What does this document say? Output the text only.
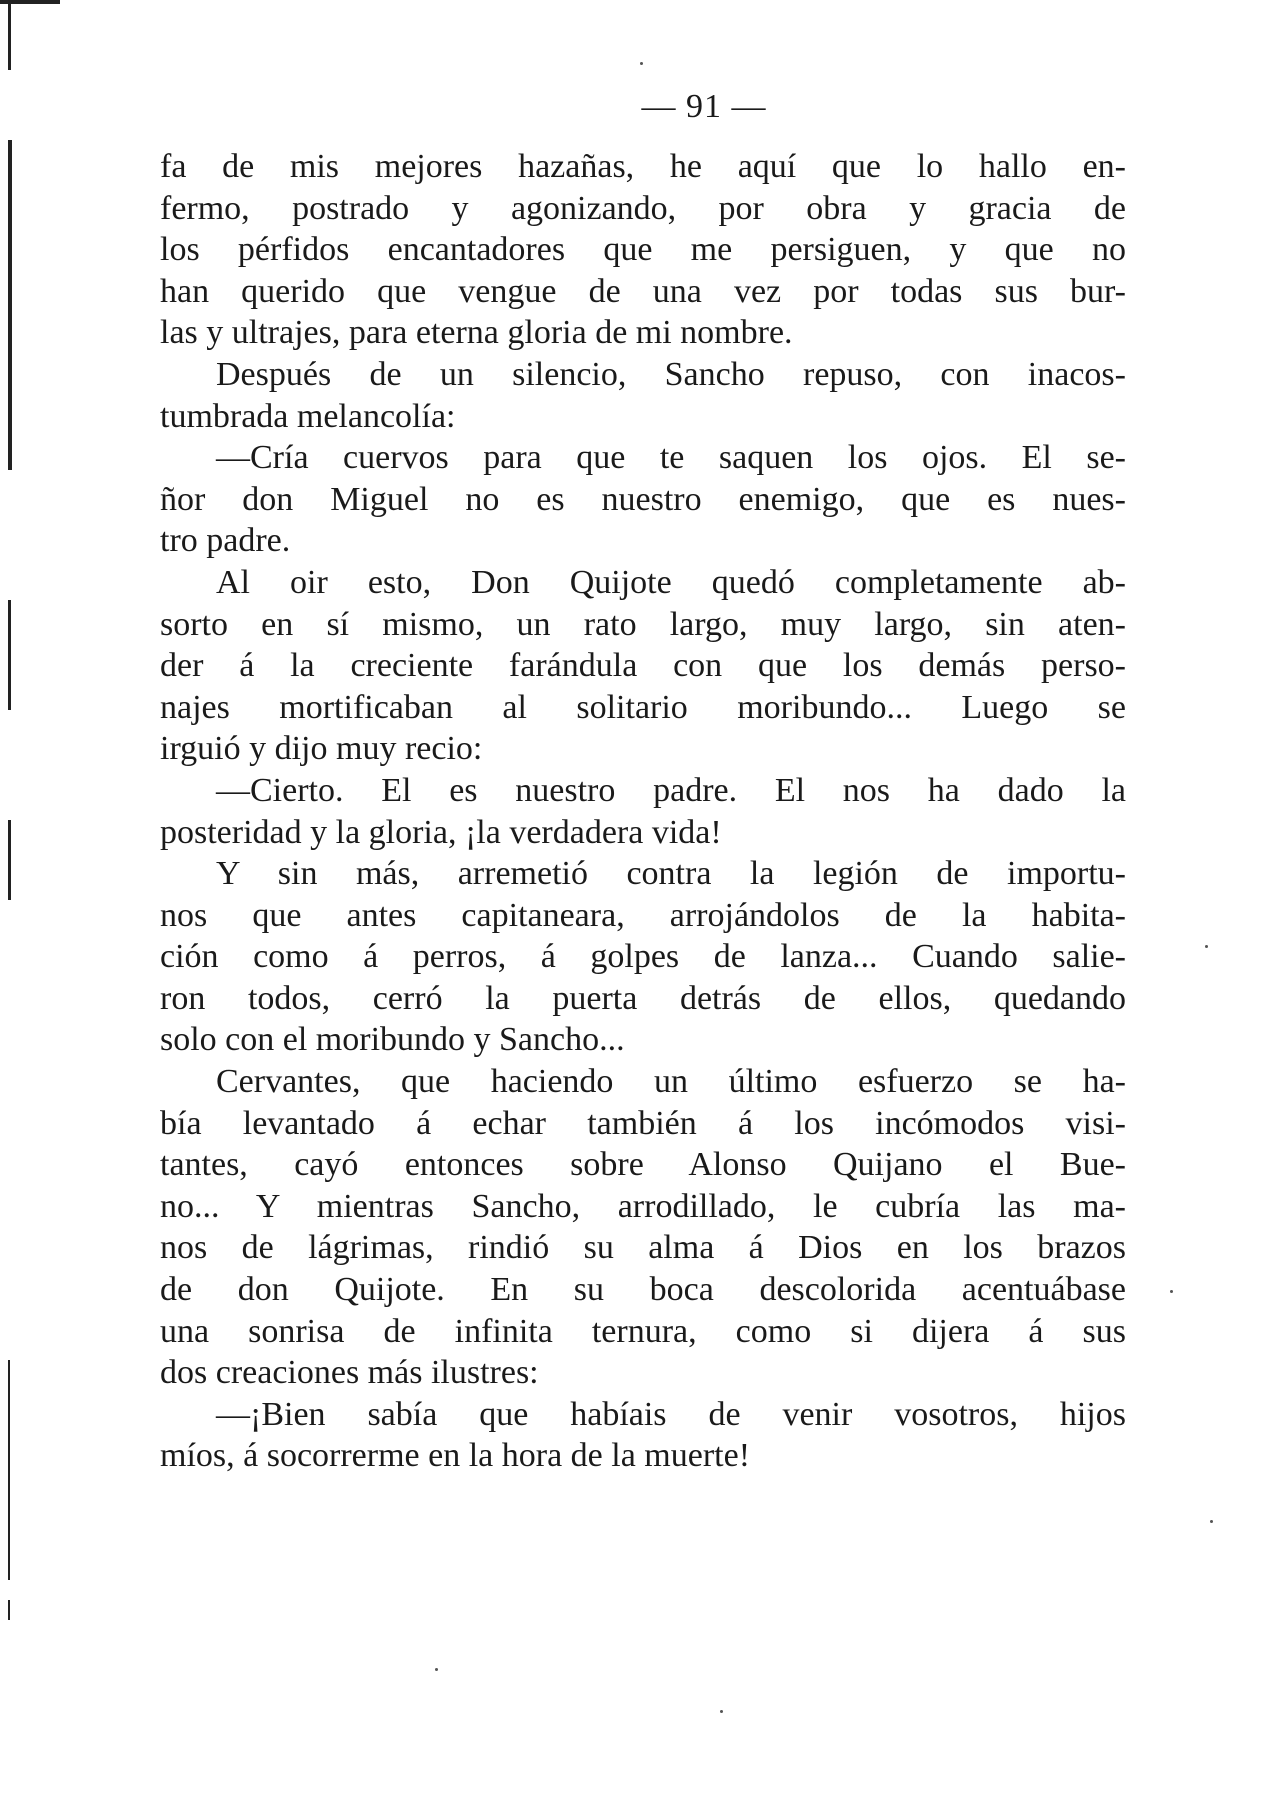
— 91 —
fa de mis mejores hazañas, he aquí que lo hallo en-
fermo, postrado y agonizando, por obra y gracia de
los pérfidos encantadores que me persiguen, y que no
han querido que vengue de una vez por todas sus bur-
las y ultrajes, para eterna gloria de mi nombre.
Después de un silencio, Sancho repuso, con inacos-
tumbrada melancolía:
—Cría cuervos para que te saquen los ojos. El se-
ñor don Miguel no es nuestro enemigo, que es nues-
tro padre.
Al oir esto, Don Quijote quedó completamente ab-
sorto en sí mismo, un rato largo, muy largo, sin aten-
der á la creciente farándula con que los demás perso-
najes mortificaban al solitario moribundo... Luego se
irguió y dijo muy recio:
—Cierto. El es nuestro padre. El nos ha dado la
posteridad y la gloria, ¡la verdadera vida!
Y sin más, arremetió contra la legión de importu-
nos que antes capitaneara, arrojándolos de la habita-
ción como á perros, á golpes de lanza... Cuando salie-
ron todos, cerró la puerta detrás de ellos, quedando
solo con el moribundo y Sancho...
Cervantes, que haciendo un último esfuerzo se ha-
bía levantado á echar también á los incómodos visi-
tantes, cayó entonces sobre Alonso Quijano el Bue-
no... Y mientras Sancho, arrodillado, le cubría las ma-
nos de lágrimas, rindió su alma á Dios en los brazos
de don Quijote. En su boca descolorida acentuábase
una sonrisa de infinita ternura, como si dijera á sus
dos creaciones más ilustres:
—¡Bien sabía que habíais de venir vosotros, hijos
míos, á socorrerme en la hora de la muerte!
